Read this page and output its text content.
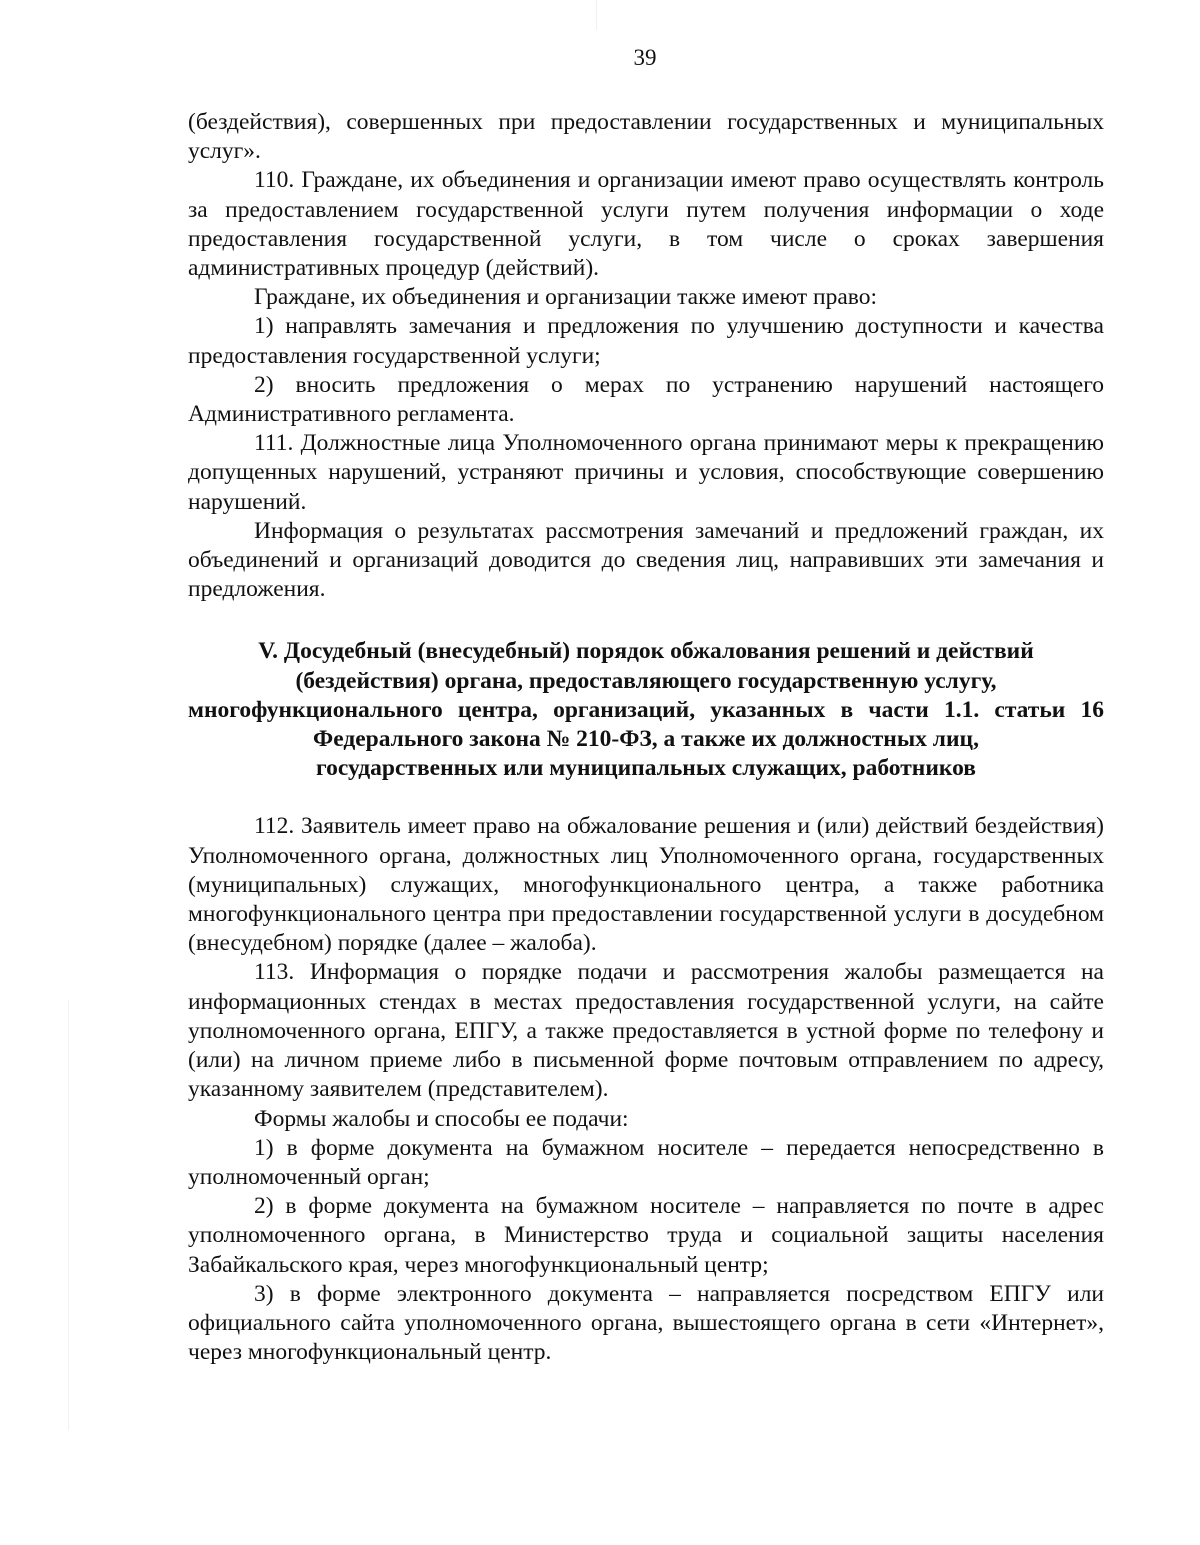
39

(бездействия), совершенных при предоставлении государственных и муниципальных услуг».

110. Граждане, их объединения и организации имеют право осуществлять контроль за предоставлением государственной услуги путем получения информации о ходе предоставления государственной услуги, в том числе о сроках завершения административных процедур (действий).

Граждане, их объединения и организации также имеют право:

1) направлять замечания и предложения по улучшению доступности и качества предоставления государственной услуги;

2) вносить предложения о мерах по устранению нарушений настоящего Административного регламента.

111. Должностные лица Уполномоченного органа принимают меры к прекращению допущенных нарушений, устраняют причины и условия, способствующие совершению нарушений.

Информация о результатах рассмотрения замечаний и предложений граждан, их объединений и организаций доводится до сведения лиц, направивших эти замечания и предложения.

V. Досудебный (внесудебный) порядок обжалования решений и действий
(бездействия) органа, предоставляющего государственную услугу,
многофункционального центра, организаций, указанных в части 1.1. статьи 16
Федерального закона № 210-ФЗ, а также их должностных лиц,
государственных или муниципальных служащих, работников

112. Заявитель имеет право на обжалование решения и (или) действий бездействия) Уполномоченного органа, должностных лиц Уполномоченного органа, государственных (муниципальных) служащих, многофункционального центра, а также работника многофункционального центра при предоставлении государственной услуги в досудебном (внесудебном) порядке (далее – жалоба).

113. Информация о порядке подачи и рассмотрения жалобы размещается на информационных стендах в местах предоставления государственной услуги, на сайте уполномоченного органа, ЕПГУ, а также предоставляется в устной форме по телефону и (или) на личном приеме либо в письменной форме почтовым отправлением по адресу, указанному заявителем (представителем).

Формы жалобы и способы ее подачи:

1) в форме документа на бумажном носителе – передается непосредственно в уполномоченный орган;

2) в форме документа на бумажном носителе – направляется по почте в адрес уполномоченного органа, в Министерство труда и социальной защиты населения Забайкальского края, через многофункциональный центр;

3) в форме электронного документа – направляется посредством ЕПГУ или официального сайта уполномоченного органа, вышестоящего органа в сети «Интернет», через многофункциональный центр.
